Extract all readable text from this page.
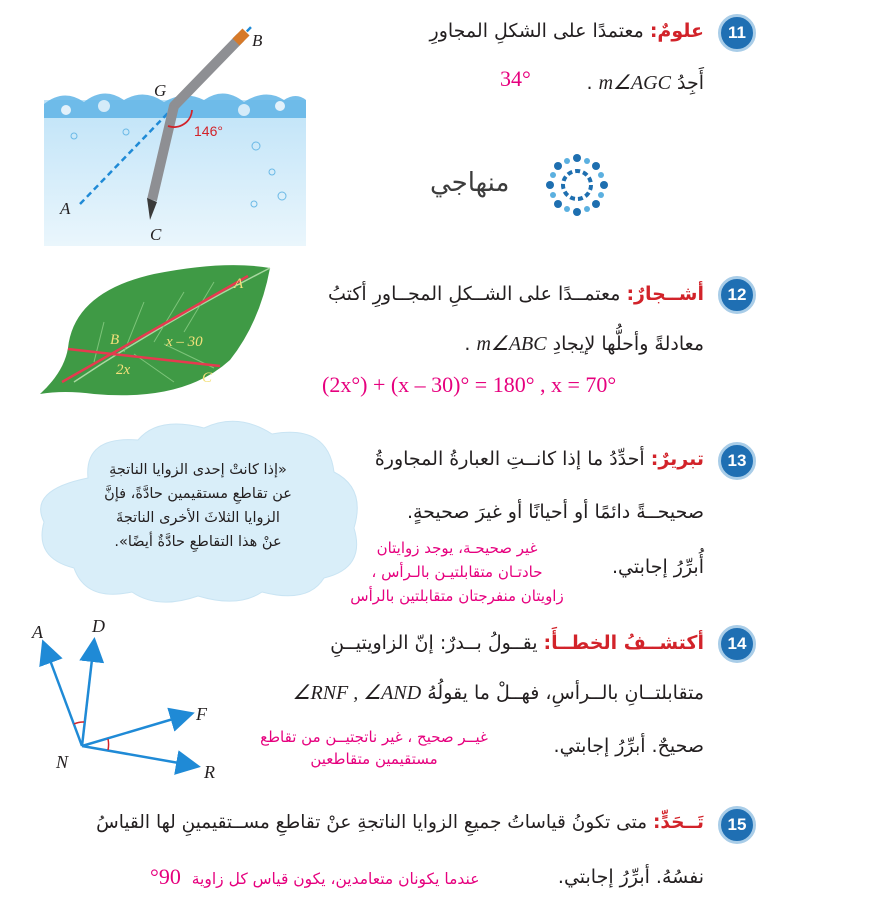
11
علومٌ: معتمدًا على الشكلِ المجاورِ
أَجِدُ m∠AGC .
34°
B
G
A
C
146°
منهاجي
12
أشــجارٌ: معتمــدًا على الشــكلِ المجــاورِ أكتبُ
معادلةً وأحلُّها لإيجادِ m∠ABC .
(2x°) + (x – 30)° = 180° , x = 70°
A
B
C
x – 30
2x
13
تبريرٌ: أحدِّدُ ما إذا كانــتِ العبارةُ المجاورةُ
صحيحــةً دائمًا أو أحيانًا أو غيرَ صحيحةٍ.
أُبرِّرُ إجابتي.
غير صحيحـة، يوجد زوايتان
حادتـان متقابلتيـن بالـرأس ،
زاويتان منفرجتان متقابلتين بالرأس
«إذا كانتْ إحدى الزوايا الناتجةِ
عن تقاطعِ مستقيمين حادَّةً، فإنَّ
الزوايا الثلاثَ الأخرى الناتجةَ
عنْ هذا التقاطعِ حادَّةٌ أيضًا».
14
أكتشــفُ الخطــأَ: يقــولُ بــدرٌ: إنّ الزاويتيــنِ
متقابلتــانِ بالــرأسِ، فهــلْ ما يقولُهُ ∠RNF , ∠AND
صحيحٌ. أبرِّرُ إجابتي.
غيــر صحيح ، غير ناتجتيــن من تقاطع
مستقيمين متقاطعين
A	D
F
N	R
15
تَــحَدٍّ: متى تكونُ قياساتُ جميعِ الزوايا الناتجةِ عنْ تقاطعِ مســتقيمينِ لها القياسُ
نفسُهُ. أبرِّرُ إجابتي.
عندما يكونان متعامدين، يكون قياس كل زاوية 90°
